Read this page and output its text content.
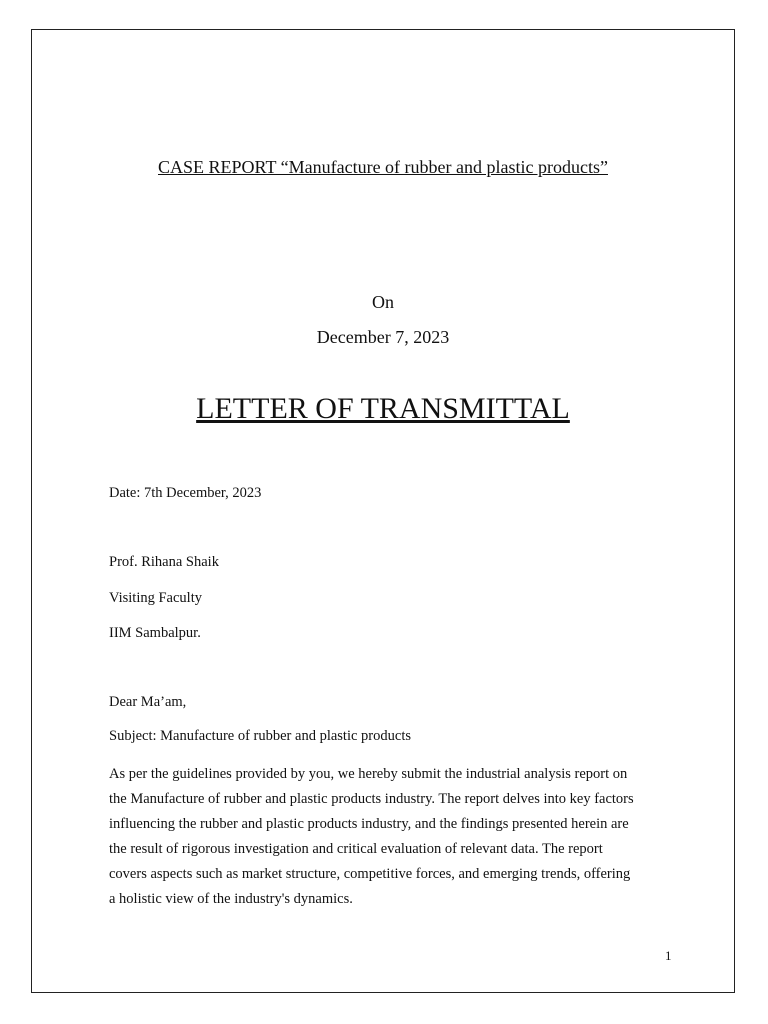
CASE REPORT “Manufacture of rubber and plastic products”

On

December 7, 2023

LETTER OF TRANSMITTAL

Date: 7th December, 2023

Prof. Rihana Shaik

Visiting Faculty

IIM Sambalpur.

Dear Ma’am,

Subject: Manufacture of rubber and plastic products

As per the guidelines provided by you, we hereby submit the industrial analysis report on
the Manufacture of rubber and plastic products industry. The report delves into key factors
influencing the rubber and plastic products industry, and the findings presented herein are
the result of rigorous investigation and critical evaluation of relevant data. The report
covers aspects such as market structure, competitive forces, and emerging trends, offering
a holistic view of the industry's dynamics.

1
